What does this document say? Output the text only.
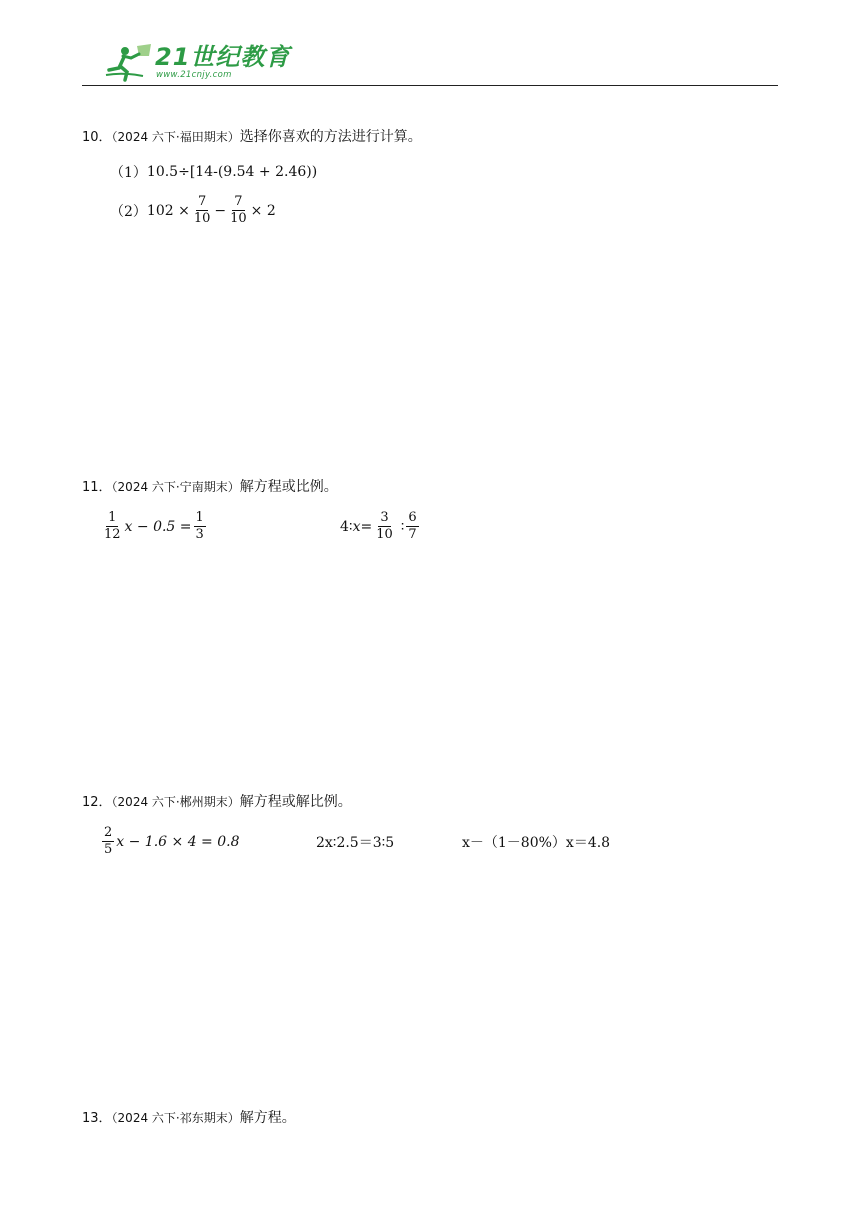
21世纪教育
www.21cnjy.com
10．（2024 六下·福田期末）选择你喜欢的方法进行计算。
（1） 10.5÷[14-(9.54 + 2.46))
（2） $102 \times \frac{7}{10} - \frac{7}{10} \times 2$
11．（2024 六下·宁南期末）解方程或比例。
$\frac{1}{12}$ $x - 0.5 = \frac{1}{3}$	4∶ $x = \frac{3}{10}$ ∶ $\frac{6}{7}$
12．（2024 六下·郴州期末）解方程或解比例。
$\frac{2}{5}$ x − 1.6 × 4 = 0.8	2x∶2.5＝3∶5	x－（1－80%）x＝4.8
13．（2024 六下·祁东期末）解方程。
